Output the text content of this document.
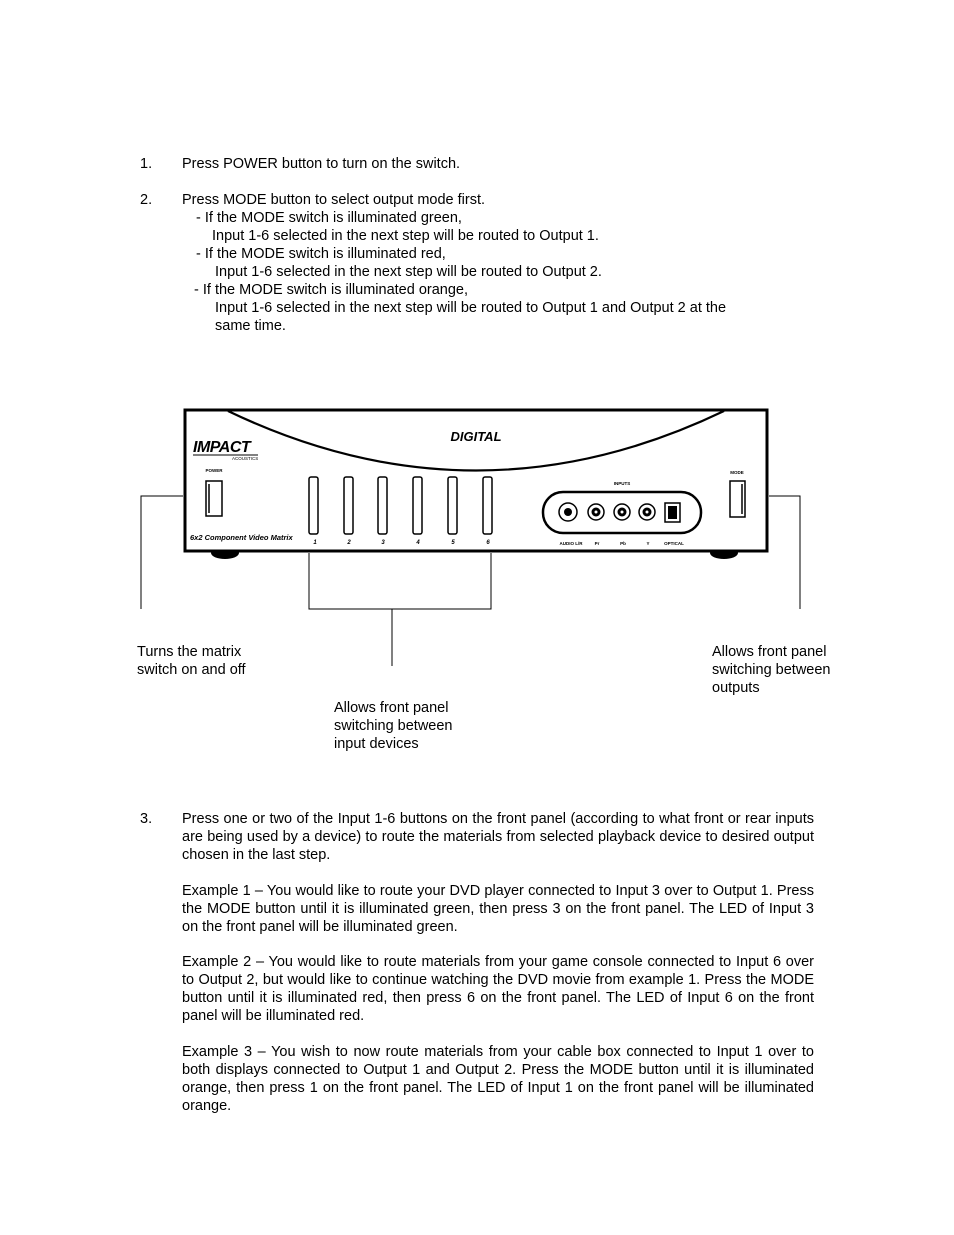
1. Press POWER button to turn on the switch.
2. Press MODE button to select output mode first.
- If the MODE switch is illuminated green,
Input 1-6 selected in the next step will be routed to Output 1.
- If the MODE switch is illuminated red,
Input 1-6 selected in the next step will be routed to Output 2.
- If the MODE switch is illuminated orange,
Input 1-6 selected in the next step will be routed to Output 1 and Output 2 at the
same time.
DIGITAL
IMPACT
ACOUSTICS
POWER
6x2 Component Video Matrix
1	2	3	4	5	6
INPUTS
AUDIO L/R	Pr	Pb	Y	OPTICAL
MODE
Turns the matrix
switch on and off
Allows front panel
switching between
input devices
Allows front panel
switching between
outputs
3. Press one or two of the Input 1-6 buttons on the front panel (according to what front or rear inputs are being used by a device) to route the materials from selected playback device to desired output chosen in the last step.
Example 1 – You would like to route your DVD player connected to Input 3 over to Output 1. Press the MODE button until it is illuminated green, then press 3 on the front panel. The LED of Input 3 on the front panel will be illuminated green.
Example 2 – You would like to route materials from your game console connected to Input 6 over to Output 2, but would like to continue watching the DVD movie from example 1. Press the MODE button until it is illuminated red, then press 6 on the front panel. The LED of Input 6 on the front panel will be illuminated red.
Example 3 – You wish to now route materials from your cable box connected to Input 1 over to both displays connected to Output 1 and Output 2. Press the MODE button until it is illuminated orange, then press 1 on the front panel. The LED of Input 1 on the front panel will be illuminated orange.
